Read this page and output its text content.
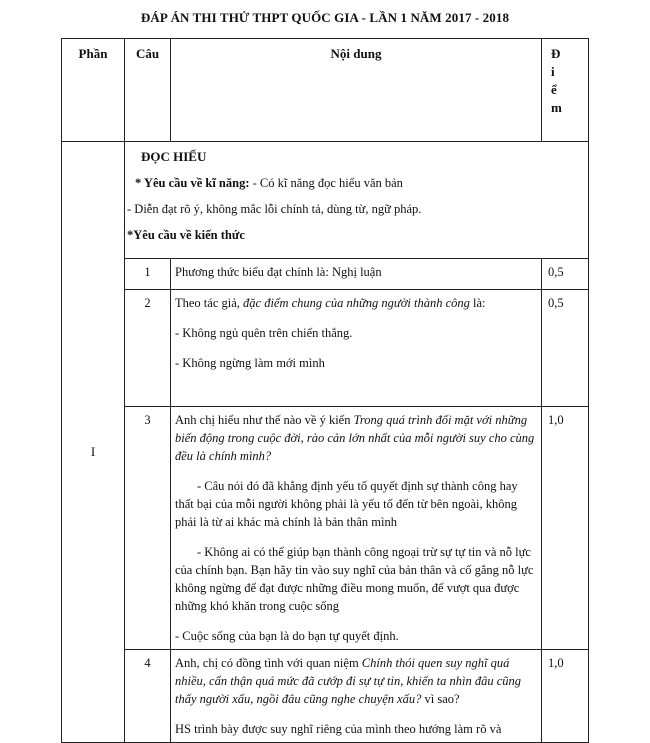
ĐÁP ÁN THI THỬ THPT QUỐC GIA - LẦN 1 NĂM 2017 - 2018
Phần	Câu	Nội dung	Đ
i
ể
m

I	ĐỌC HIỂU

* Yêu cầu về kĩ năng: - Có kĩ năng đọc hiểu văn bản

- Diễn đạt rõ ý, không mắc lỗi chính tả, dùng từ, ngữ pháp.

*Yêu cầu về kiến thức		

	1	Phương thức biểu đạt chính là: Nghị luận	0,5
	2	Theo tác giả, đặc điểm chung của những người thành công là:

- Không ngủ quên trên chiến thắng.

- Không ngừng làm mới mình	0,5
	3	Anh chị hiểu như thế nào về ý kiến Trong quá trình đối mặt với những biến động trong cuộc đời, rào cản lớn nhất của mỗi người suy cho cùng đều là chính mình?

- Câu nói đó đã khẳng định yếu tố quyết định sự thành công hay thất bại của mỗi người không phải là yếu tố đến từ bên ngoài, không phải là từ ai khác mà chính là bản thân mình

- Không ai có thể giúp bạn thành công ngoại trừ sự tự tin và nỗ lực của chính bạn. Bạn hãy tin vào suy nghĩ của bản thân và cố gắng nỗ lực không ngừng để đạt được những điều mong muốn, để vượt qua được những khó khăn trong cuộc sống

- Cuộc sống của bạn là do bạn tự quyết định.	1,0
	4	Anh, chị có đồng tình với quan niệm Chính thói quen suy nghĩ quá nhiều, cẩn thận quá mức đã cướp đi sự tự tin, khiến ta nhìn đâu cũng thấy người xấu, ngồi đâu cũng nghe chuyện xấu? vì sao?

HS trình bày được suy nghĩ riêng của mình theo hướng làm rõ và	1,0
